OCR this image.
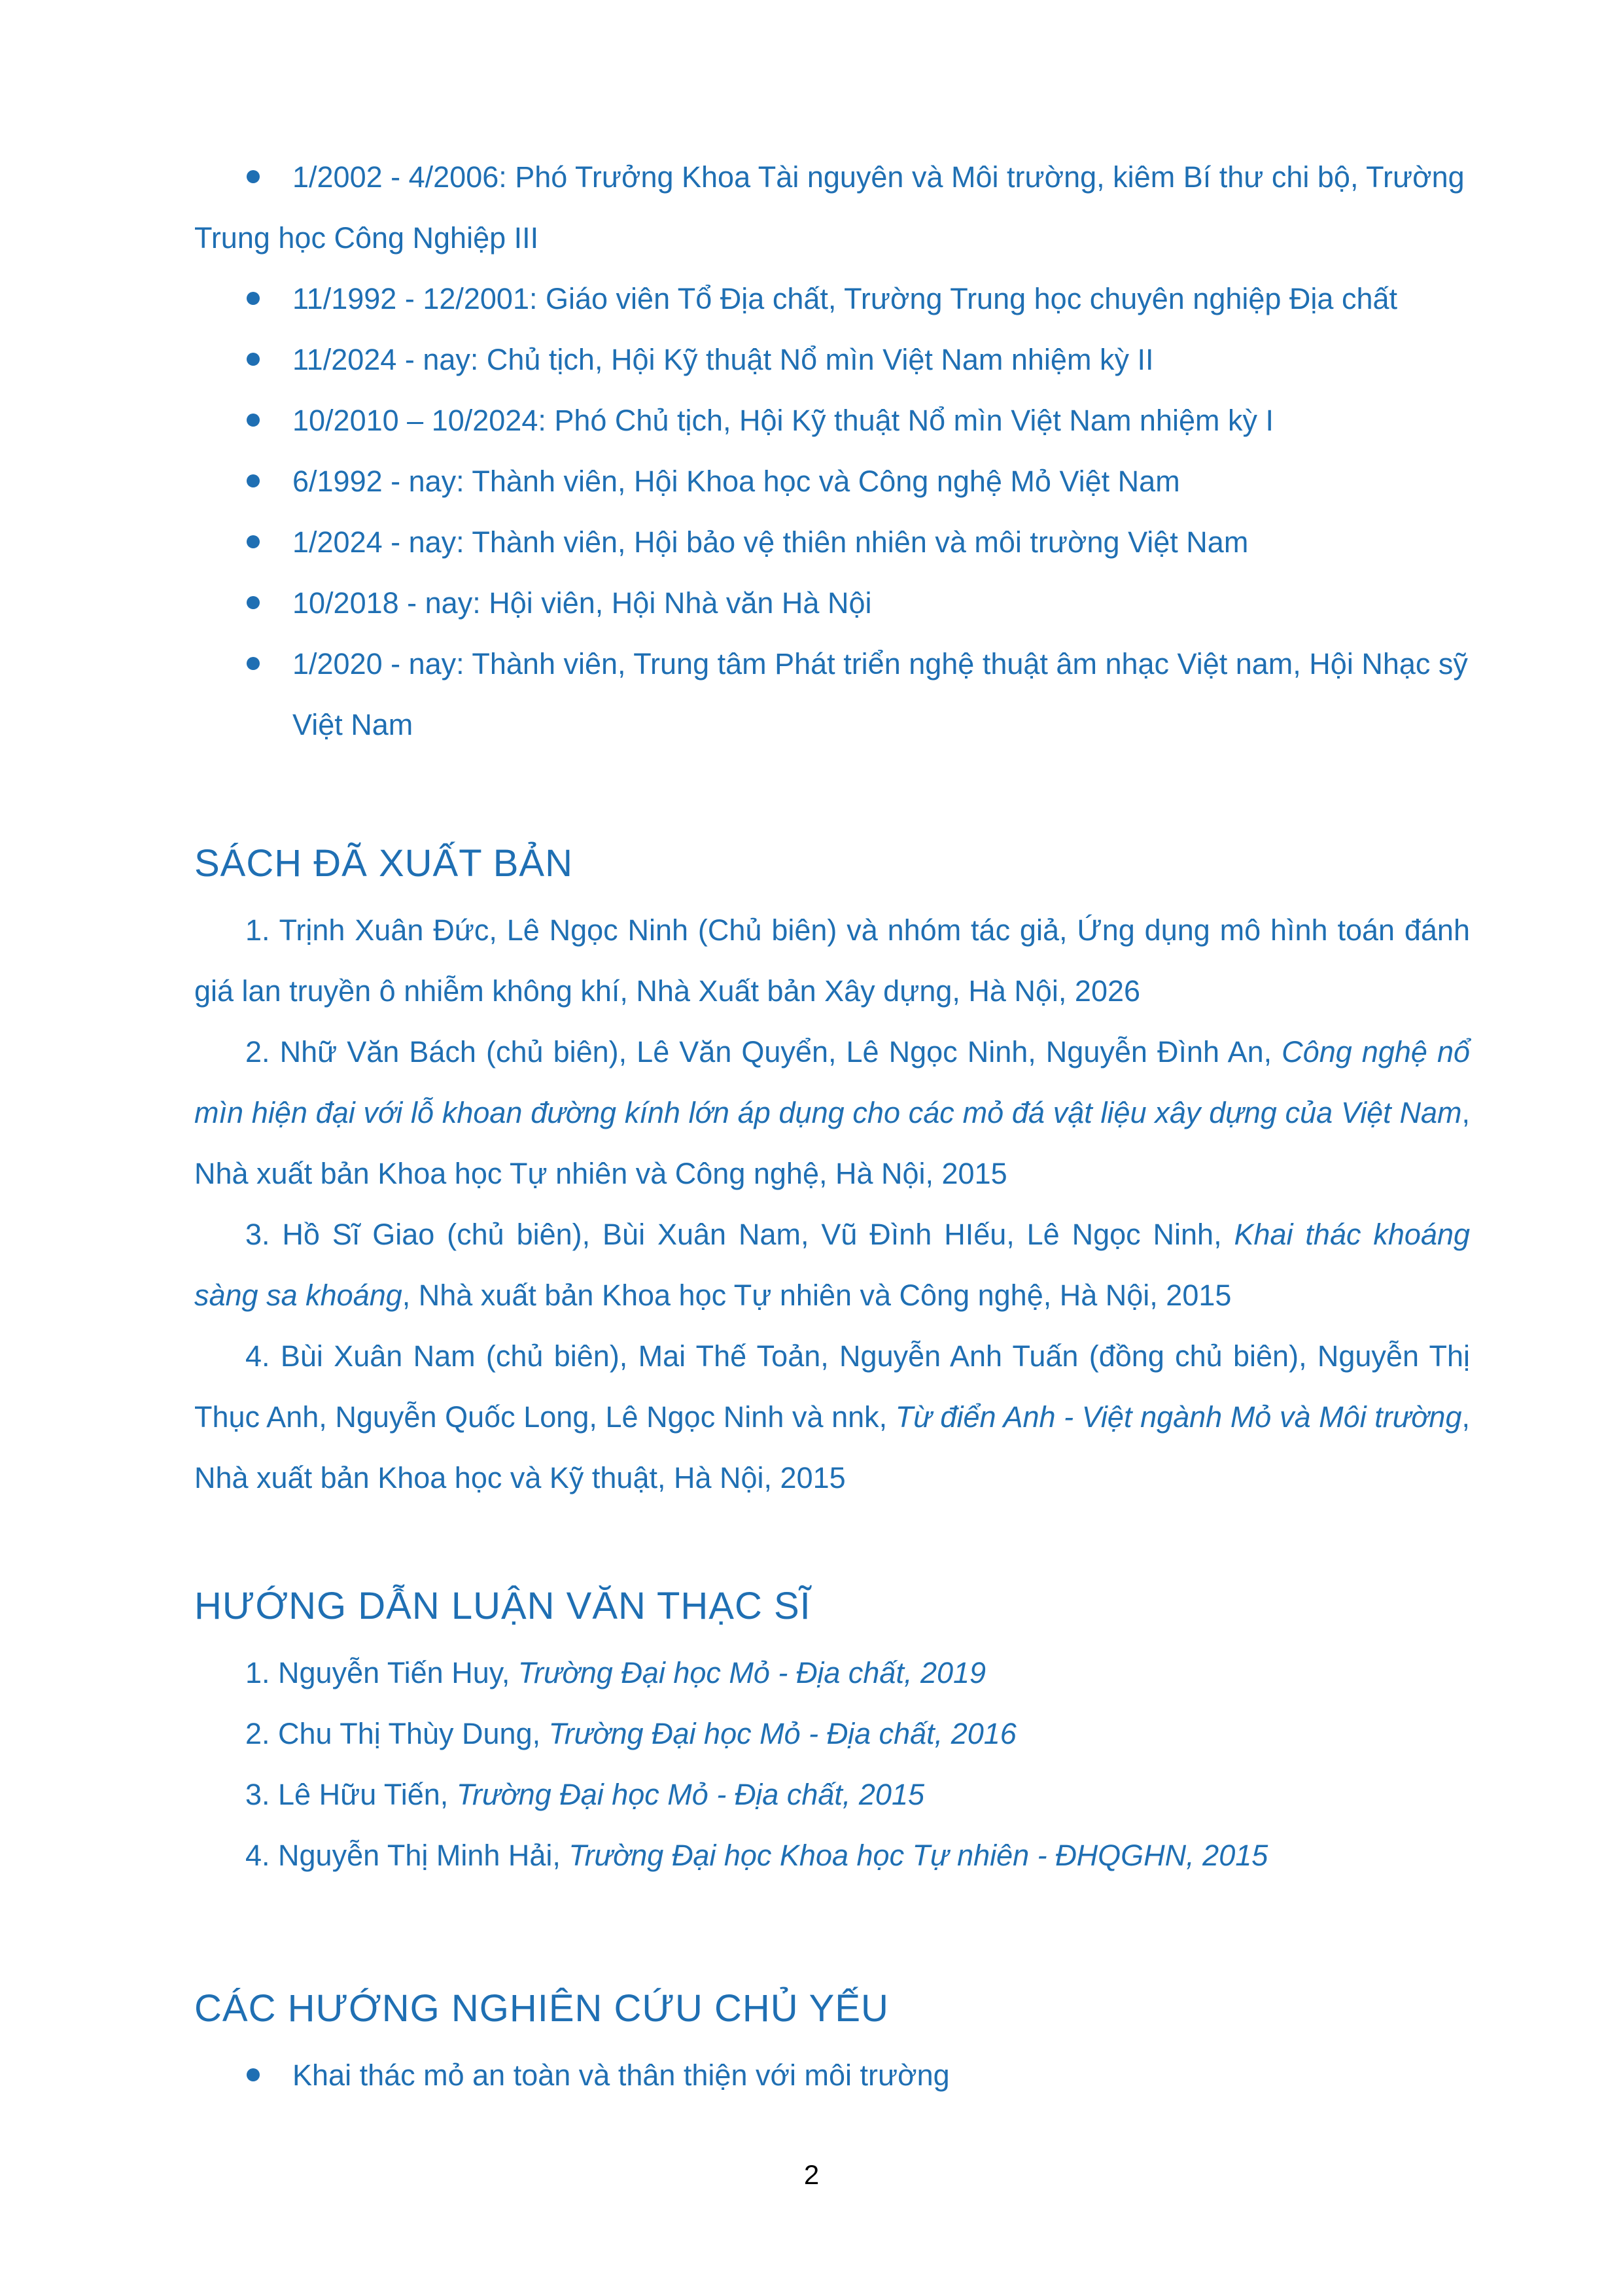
1/2002 - 4/2006: Phó Trưởng Khoa Tài nguyên và Môi trường, kiêm Bí thư chi bộ, Trường Trung học Công Nghiệp III
11/1992 - 12/2001: Giáo viên Tổ Địa chất, Trường Trung học chuyên nghiệp Địa chất
11/2024 - nay: Chủ tịch, Hội Kỹ thuật Nổ mìn Việt Nam nhiệm kỳ II
10/2010 – 10/2024: Phó Chủ tịch, Hội Kỹ thuật Nổ mìn Việt Nam nhiệm kỳ I
6/1992 - nay: Thành viên, Hội Khoa học và Công nghệ Mỏ Việt Nam
1/2024 - nay: Thành viên, Hội bảo vệ thiên nhiên và môi trường Việt Nam
10/2018 - nay: Hội viên, Hội Nhà văn Hà Nội
1/2020 - nay: Thành viên, Trung tâm Phát triển nghệ thuật âm nhạc Việt nam, Hội Nhạc sỹ Việt Nam
SÁCH ĐÃ XUẤT BẢN
1. Trịnh Xuân Đức, Lê Ngọc Ninh (Chủ biên) và nhóm tác giả, Ứng dụng mô hình toán đánh giá lan truyền ô nhiễm không khí, Nhà Xuất bản Xây dựng, Hà Nội, 2026
2. Nhữ Văn Bách (chủ biên), Lê Văn Quyển, Lê Ngọc Ninh, Nguyễn Đình An, Công nghệ nổ mìn hiện đại với lỗ khoan đường kính lớn áp dụng cho các mỏ đá vật liệu xây dựng của Việt Nam, Nhà xuất bản Khoa học Tự nhiên và Công nghệ, Hà Nội, 2015
3. Hồ Sĩ Giao (chủ biên), Bùi Xuân Nam, Vũ Đình HIếu, Lê Ngọc Ninh, Khai thác khoáng sàng sa khoáng, Nhà xuất bản Khoa học Tự nhiên và Công nghệ, Hà Nội, 2015
4. Bùi Xuân Nam (chủ biên), Mai Thế Toản, Nguyễn Anh Tuấn (đồng chủ biên), Nguyễn Thị Thục Anh, Nguyễn Quốc Long, Lê Ngọc Ninh và nnk, Từ điển Anh - Việt ngành Mỏ và Môi trường, Nhà xuất bản Khoa học và Kỹ thuật, Hà Nội, 2015
HƯỚNG DẪN LUẬN VĂN THẠC SĨ
1. Nguyễn Tiến Huy, Trường Đại học Mỏ - Địa chất, 2019
2. Chu Thị Thùy Dung, Trường Đại học Mỏ - Địa chất, 2016
3. Lê Hữu Tiến, Trường Đại học Mỏ - Địa chất, 2015
4. Nguyễn Thị Minh Hải, Trường Đại học Khoa học Tự nhiên - ĐHQGHN, 2015
CÁC HƯỚNG NGHIÊN CỨU CHỦ YẾU
Khai thác mỏ an toàn và thân thiện với môi trường
2
